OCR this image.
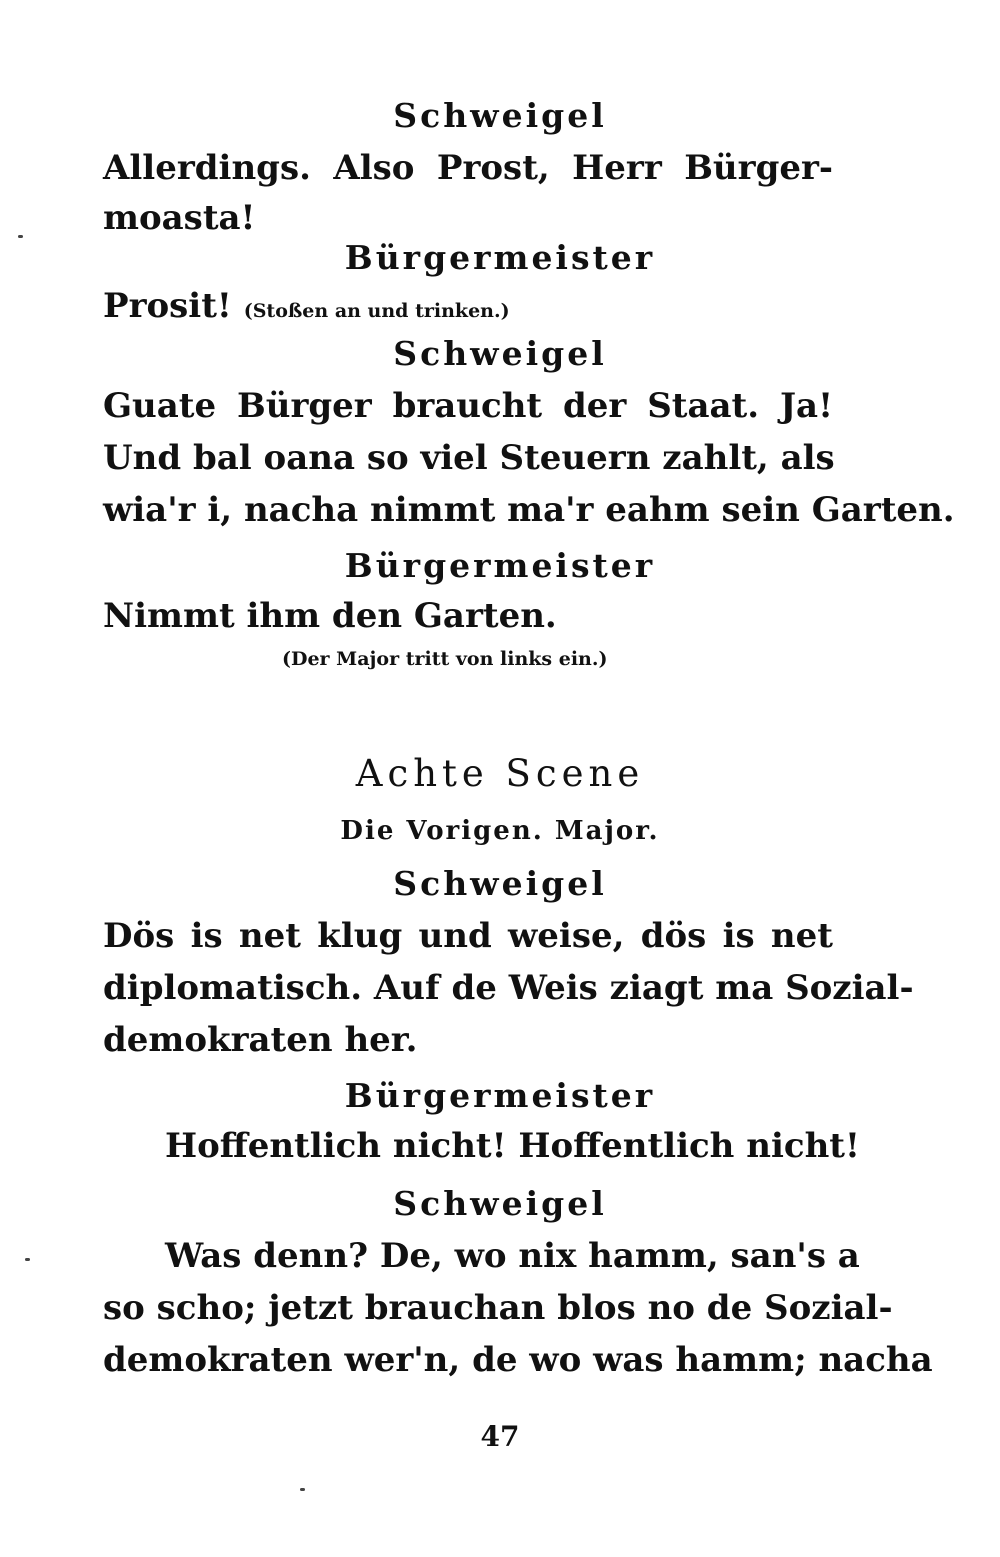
Schweigel
Allerdings. Also Prost, Herr Bürger-
moasta!
Bürgermeister
Prosit! (Stoßen an und trinken.)
Schweigel
Guate Bürger braucht der Staat. Ja!
Und bal oana so viel Steuern zahlt, als
wia'r i, nacha nimmt ma'r eahm sein Garten.
Bürgermeister
Nimmt ihm den Garten.
(Der Major tritt von links ein.)
Achte Scene
Die Vorigen. Major.
Schweigel
Dös is net klug und weise, dös is net
diplomatisch. Auf de Weis ziagt ma Sozial-
demokraten her.
Bürgermeister
Hoffentlich nicht! Hoffentlich nicht!
Schweigel
Was denn? De, wo nix hamm, san's a
so scho; jetzt brauchan blos no de Sozial-
demokraten wer'n, de wo was hamm; nacha
47
